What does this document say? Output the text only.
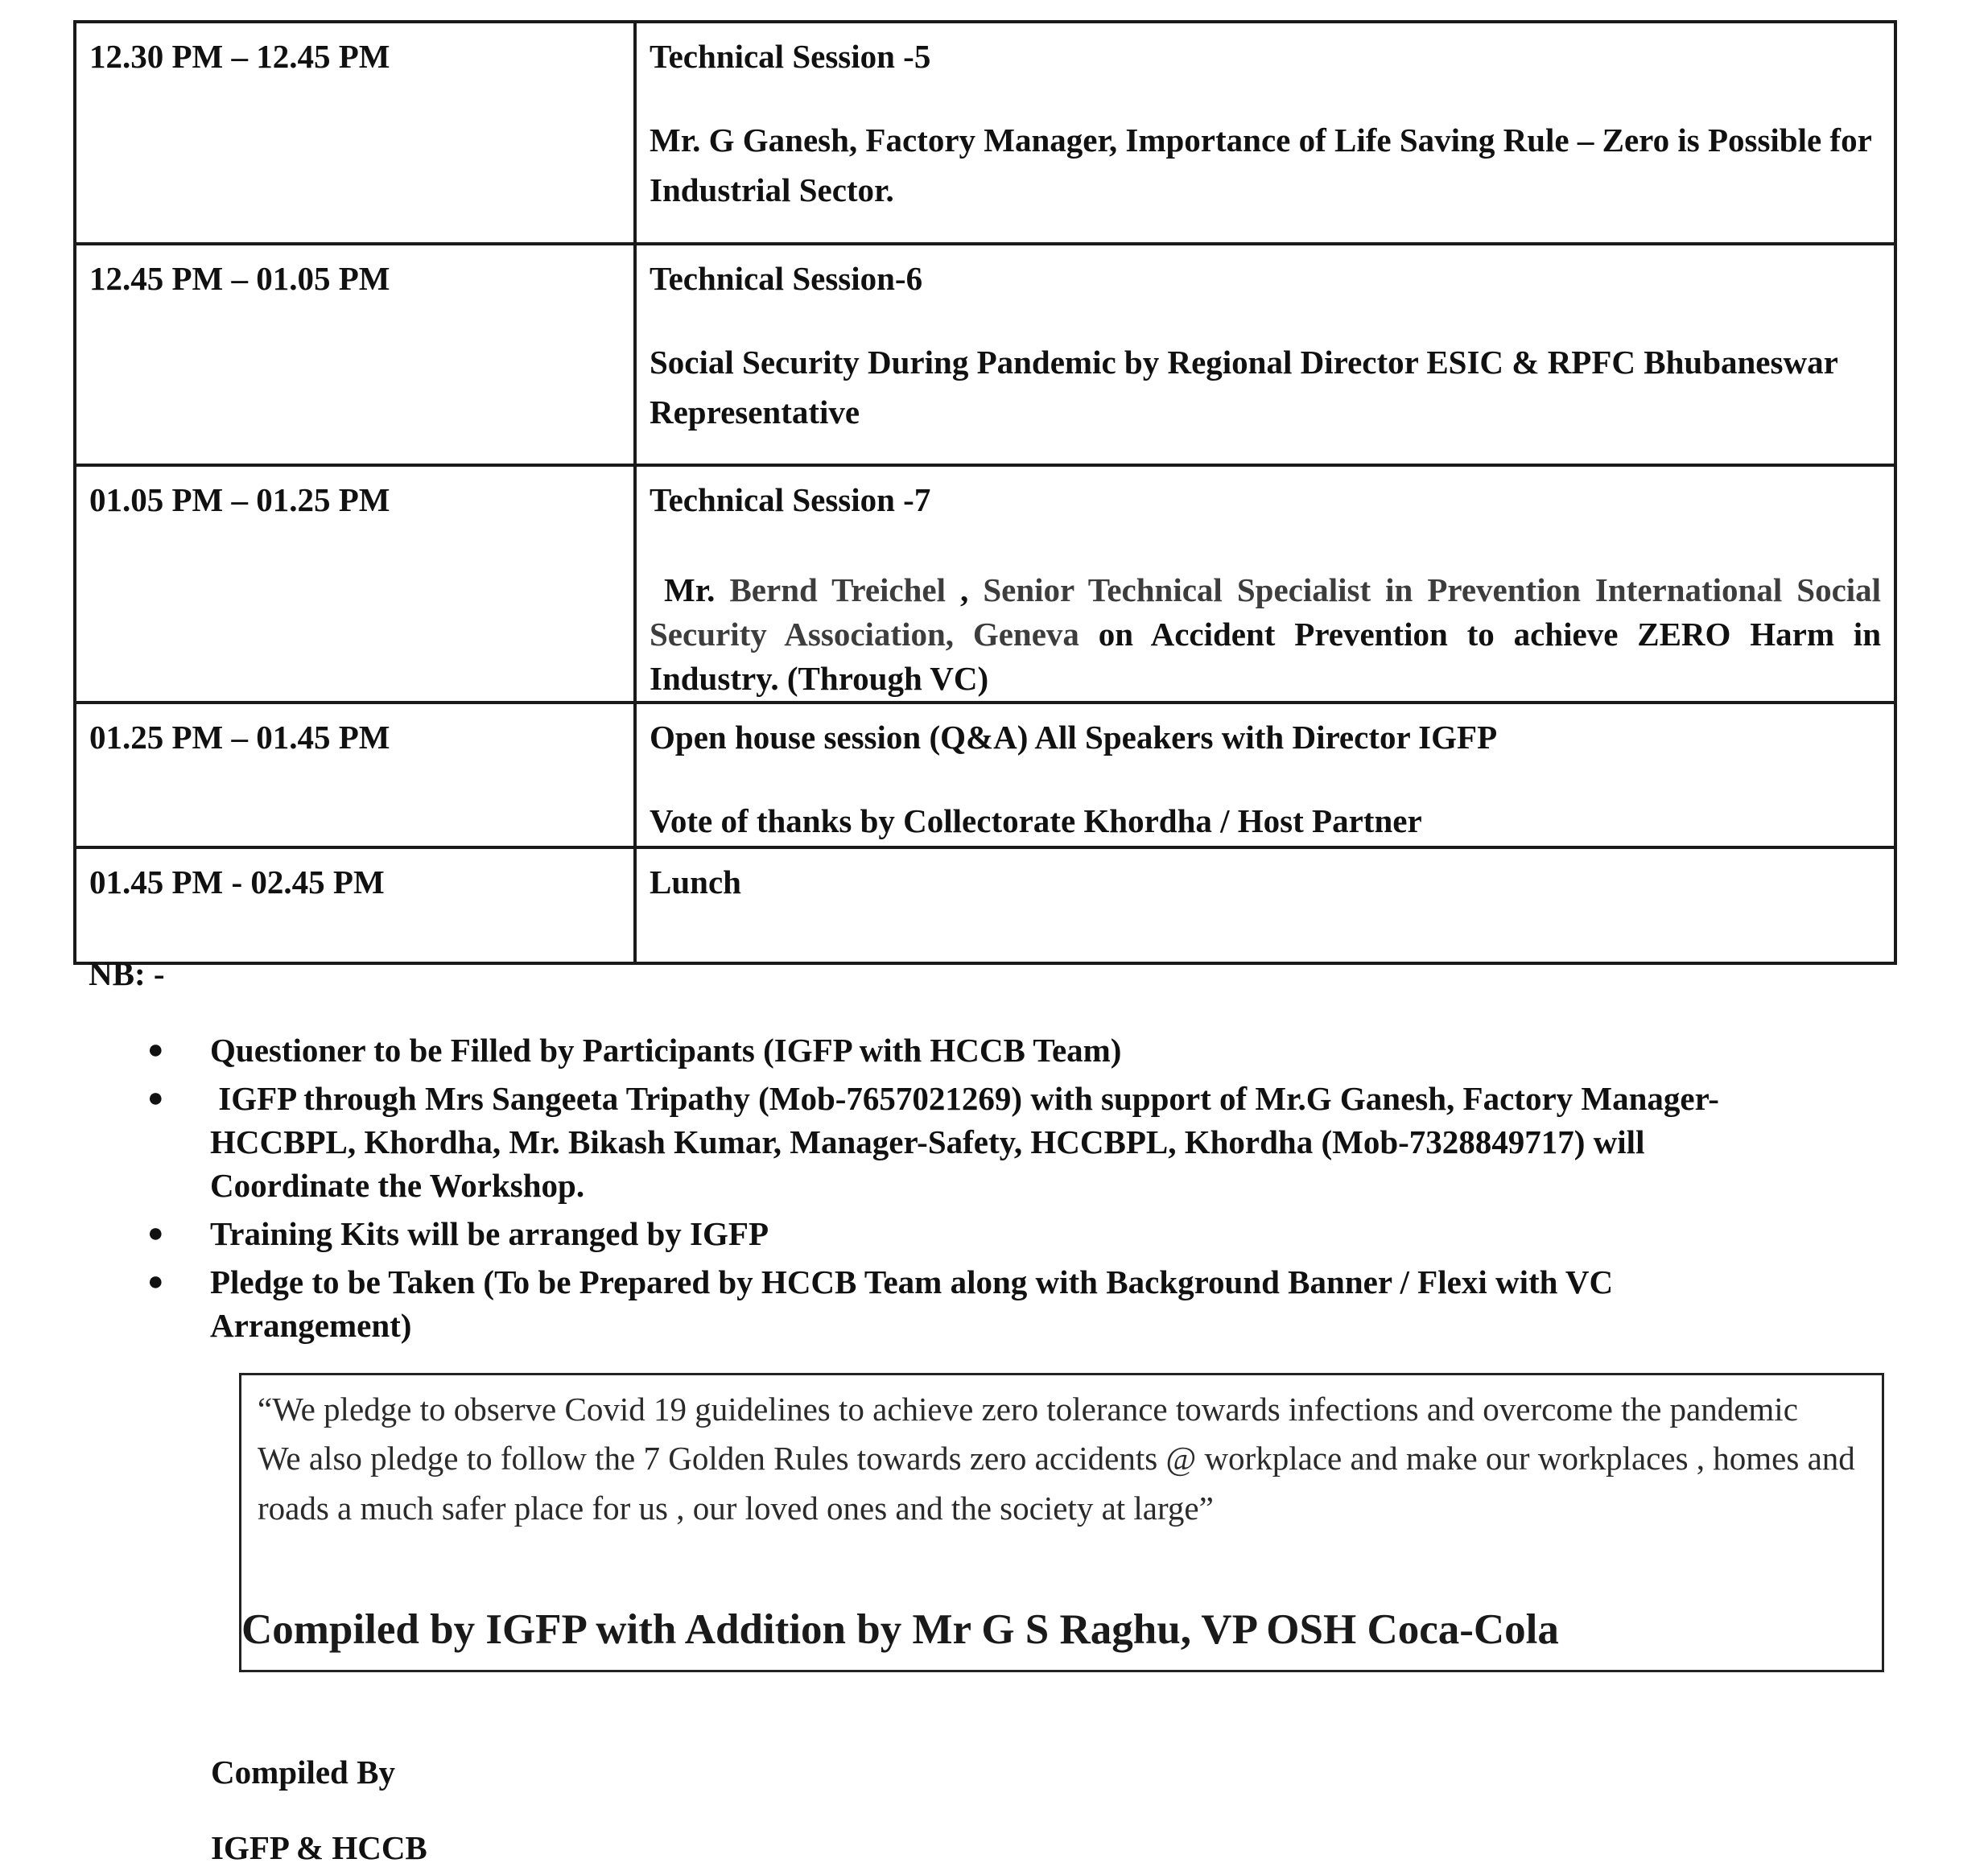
12.30 PM – 12.45 PM	Technical Session -5

Mr. G Ganesh, Factory Manager, Importance of Life Saving Rule – Zero is Possible for Industrial Sector.

12.45 PM – 01.05 PM	Technical Session-6

Social Security During Pandemic by Regional Director ESIC & RPFC Bhubaneswar Representative

01.05 PM – 01.25 PM	Technical Session -7

Mr. Bernd Treichel , Senior Technical Specialist in Prevention International Social Security Association, Geneva on Accident Prevention to achieve ZERO Harm in Industry. (Through VC)

01.25 PM – 01.45 PM	Open house session (Q&A) All Speakers with Director IGFP

Vote of thanks by Collectorate Khordha / Host Partner

01.45 PM - 02.45 PM	Lunch

NB: -
● Questioner to be Filled by Participants (IGFP with HCCB Team)
● IGFP through Mrs Sangeeta Tripathy (Mob-7657021269) with support of Mr.G Ganesh, Factory Manager-HCCBPL, Khordha, Mr. Bikash Kumar, Manager-Safety, HCCBPL, Khordha (Mob-7328849717) will Coordinate the Workshop.
● Training Kits will be arranged by IGFP
● Pledge to be Taken (To be Prepared by HCCB Team along with Background Banner / Flexi with VC Arrangement)

“We pledge to observe Covid 19 guidelines to achieve zero tolerance towards infections and overcome the pandemic

We also pledge to follow the 7 Golden Rules towards zero accidents @ workplace and make our workplaces , homes and roads a much safer place for us , our loved ones and the society at large”

Compiled by IGFP with Addition by Mr G S Raghu, VP OSH Coca-Cola
Compiled By
IGFP & HCCB
